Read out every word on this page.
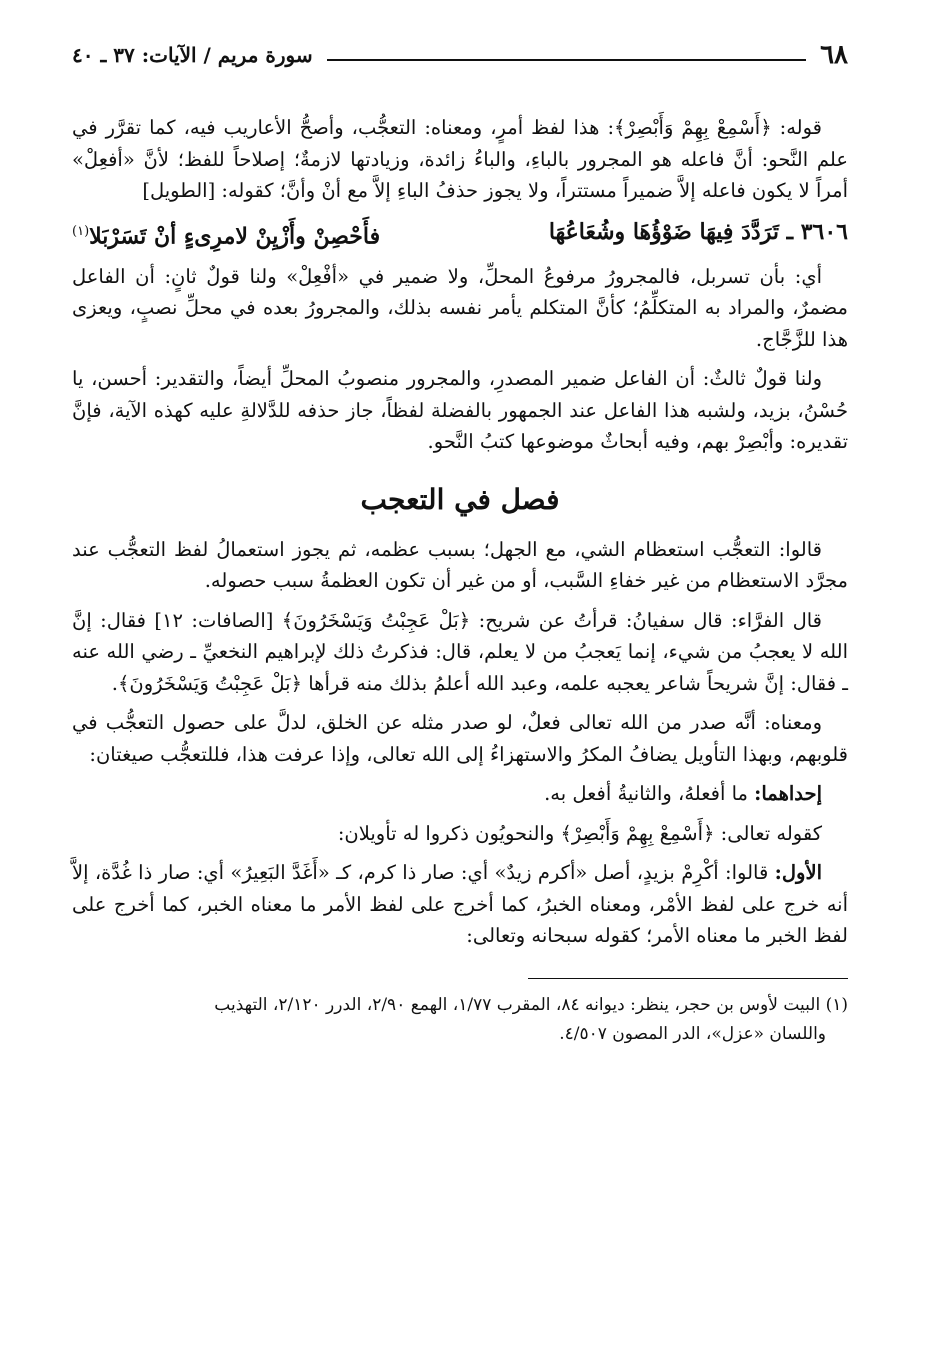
٦٨
سورة مريم / الآيات: ٣٧ ـ ٤٠

قوله: ﴿أَسْمِعْ بِهِمْ وَأَبْصِرْ﴾: هذا لفظ أمرٍ، ومعناه: التعجُّب، وأصحُّ الأعاريب فيه، كما تقرَّر في علم النَّحو: أنَّ فاعله هو المجرور بالباءِ، والباءُ زائدة، وزيادتها لازمةٌ؛ إصلاحاً للفظ؛ لأنَّ «أفعِلْ» أمراً لا يكون فاعله إلاَّ ضميراً مستتراً، ولا يجوز حذفُ الباءِ إلاَّ مع أنْ وأنَّ؛ كقوله: [الطويل]

٣٦٠٦ ـ تَرَدَّدَ فِيهَا ضَوْؤُهَا وشُعَاعُهَا
فأَحْصِنْ وأَزْيِنْ لامرِىءٍ أنْ تَسَرْبَلا$^{(١)}$

أي: بأن تسربل، فالمجرورُ مرفوعُ المحلِّ، ولا ضمير في «أفْعِلْ» ولنا قولٌ ثانٍ: أن الفاعل مضمرٌ، والمراد به المتكلِّمُ؛ كأنَّ المتكلم يأمر نفسه بذلك، والمجرورُ بعده في محلِّ نصبٍ، ويعزى هذا للزَّجَّاج.

ولنا قولٌ ثالثٌ: أن الفاعل ضمير المصدرِ، والمجرور منصوبُ المحلِّ أيضاً، والتقدير: أحسن، يا حُسْنُ، بزيد، ولشبه هذا الفاعل عند الجمهور بالفضلة لفظاً، جاز حذفه للدَّلالةِ عليه كهذه الآية، فإنَّ تقديره: وأبْصِرْ بهم، وفيه أبحاثٌ موضوعها كتبُ النَّحو.

فصل في التعجب

قالوا: التعجُّب استعظام الشي، مع الجهل؛ بسبب عظمه، ثم يجوز استعمالُ لفظ التعجُّب عند مجرَّد الاستعظام من غير خفاءِ السَّبب، أو من غير أن تكون العظمةُ سبب حصوله.

قال الفرَّاء: قال سفيانُ: قرأتُ عن شريح: ﴿بَلْ عَجِبْتُ وَيَسْخَرُونَ﴾ [الصافات: ١٢] فقال: إنَّ الله لا يعجبُ من شيء، إنما يَعجبُ من لا يعلم، قال: فذكرتُ ذلك لإبراهيم النخعيِّ ـ رضي الله عنه ـ فقال: إنَّ شريحاً شاعر يعجبه علمه، وعبد الله أعلمُ بذلك منه قرأها ﴿بَلْ عَجِبْتُ وَيَسْخَرُونَ﴾.

ومعناه: أنَّه صدر من الله تعالى فعلٌ، لو صدر مثله عن الخلق، لدلَّ على حصول التعجُّب في قلوبهم، وبهذا التأويل يضافُ المكرُ والاستهزاءُ إلى الله تعالى، وإذا عرفت هذا، فللتعجُّب صيغتان:

إحداهما: ما أفعلهُ، والثانيةُ أفعل به.

كقوله تعالى: ﴿أَسْمِعْ بِهِمْ وَأَبْصِرْ﴾ والنحويُون ذكروا له تأويلان:

الأول: قالوا: أكْرِمْ بزيدٍ، أصل «أكرم زيدٌ» أي: صار ذا كرم، كـ «أَغَدَّ البَعِيرُ» أي: صار ذا غُدَّة، إلاَّ أنه خرج على لفظ الأمْر، ومعناه الخبرُ، كما أخرج على لفظ الأمر ما معناه الخبر، كما أخرج على لفظ الخبر ما معناه الأمر؛ كقوله سبحانه وتعالى:

(١) البيت لأوس بن حجر، ينظر: ديوانه ٨٤، المقرب ١/٧٧، الهمع ٢/٩٠، الدرر ٢/١٢٠، التهذيب
واللسان «عزل»، الدر المصون ٤/٥٠٧.
